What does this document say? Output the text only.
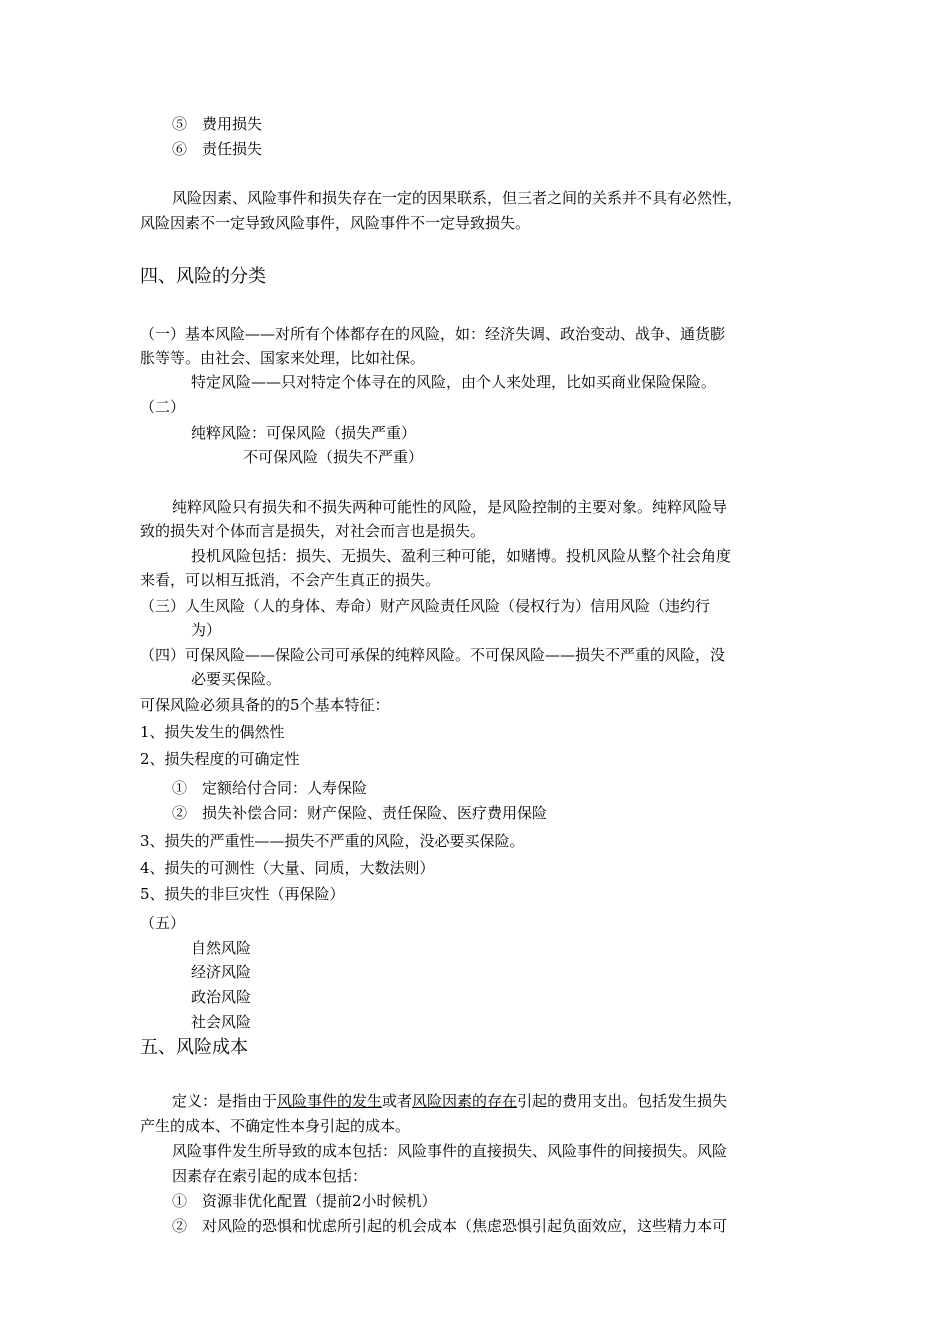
⑤　费用损失
⑥　责任损失
风险因素、风险事件和损失存在一定的因果联系，但三者之间的关系并不具有必然性，
风险因素不一定导致风险事件，风险事件不一定导致损失。
四、风险的分类
（一）基本风险——对所有个体都存在的风险，如：经济失调、政治变动、战争、通货膨
胀等等。由社会、国家来处理，比如社保。
特定风险——只对特定个体寻在的风险，由个人来处理，比如买商业保险保险。
（二）
纯粹风险：可保风险（损失严重）
不可保风险（损失不严重）
纯粹风险只有损失和不损失两种可能性的风险，是风险控制的主要对象。纯粹风险导
致的损失对个体而言是损失，对社会而言也是损失。
投机风险包括：损失、无损失、盈利三种可能，如赌博。投机风险从整个社会角度
来看，可以相互抵消，不会产生真正的损失。
（三）人生风险（人的身体、寿命）财产风险责任风险（侵权行为）信用风险（违约行
为）
（四）可保风险——保险公司可承保的纯粹风险。不可保风险——损失不严重的风险，没
必要买保险。
可保风险必须具备的的5个基本特征：
1、损失发生的偶然性
2、损失程度的可确定性
①　定额给付合同：人寿保险
②　损失补偿合同：财产保险、责任保险、医疗费用保险
3、损失的严重性——损失不严重的风险，没必要买保险。
4、损失的可测性（大量、同质，大数法则）
5、损失的非巨灾性（再保险）
（五）
自然风险
经济风险
政治风险
社会风险
五、风险成本
定义：是指由于风险事件的发生或者风险因素的存在引起的费用支出。包括发生损失
产生的成本、不确定性本身引起的成本。
风险事件发生所导致的成本包括：风险事件的直接损失、风险事件的间接损失。风险
因素存在索引起的成本包括：
①　资源非优化配置（提前2小时候机）
②　对风险的恐惧和忧虑所引起的机会成本（焦虑恐惧引起负面效应，这些精力本可
